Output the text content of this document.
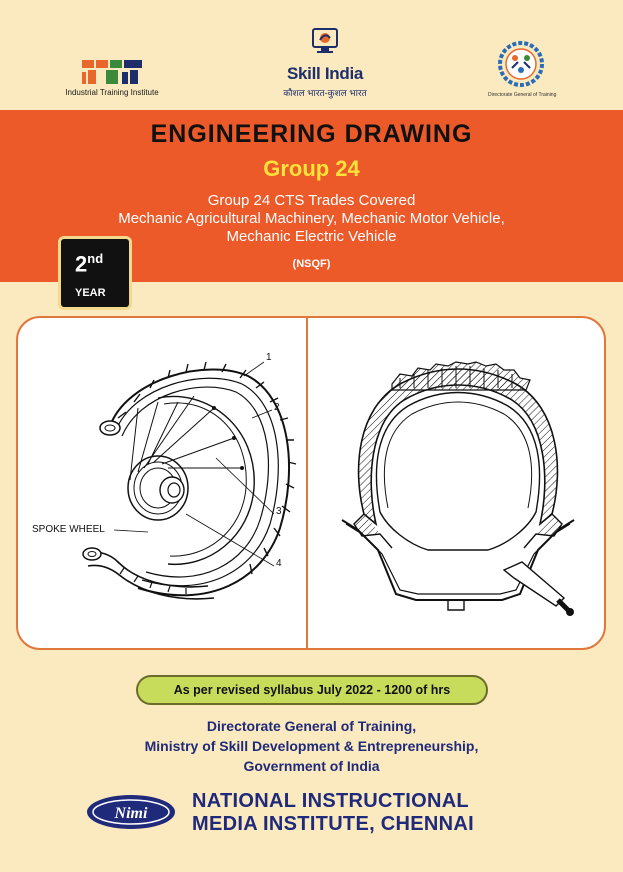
Industrial Training Institute
Skill India
कौशल भारत-कुशल भारत	Directorate General of Training
ENGINEERING DRAWING
Group 24
Group 24 CTS Trades Covered
Mechanic Agricultural Machinery, Mechanic Motor Vehicle,
Mechanic Electric Vehicle
(NSQF)
2nd
YEAR
SPOKE WHEEL
1
2
3
4
As per revised syllabus July 2022 - 1200 of hrs
Directorate General of Training,
Ministry of Skill Development & Entrepreneurship,
Government of India
Nimi
NATIONAL INSTRUCTIONAL
MEDIA INSTITUTE, CHENNAI
